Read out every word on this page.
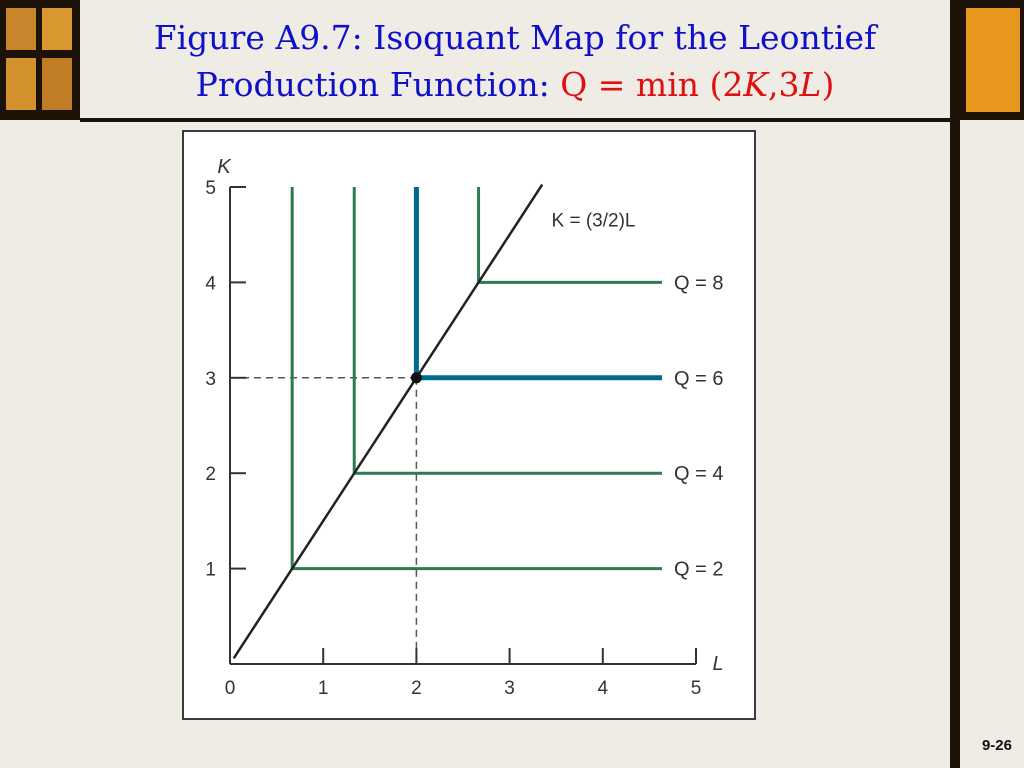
Figure A9.7: Isoquant Map for the Leontief
Production Function: Q = min (2K,3L)
0	1	2	3	4	5
1
2
3
4
5
K
L
Q = 2
Q = 4
Q = 6
Q = 8
K = (3/2)L
9-26
